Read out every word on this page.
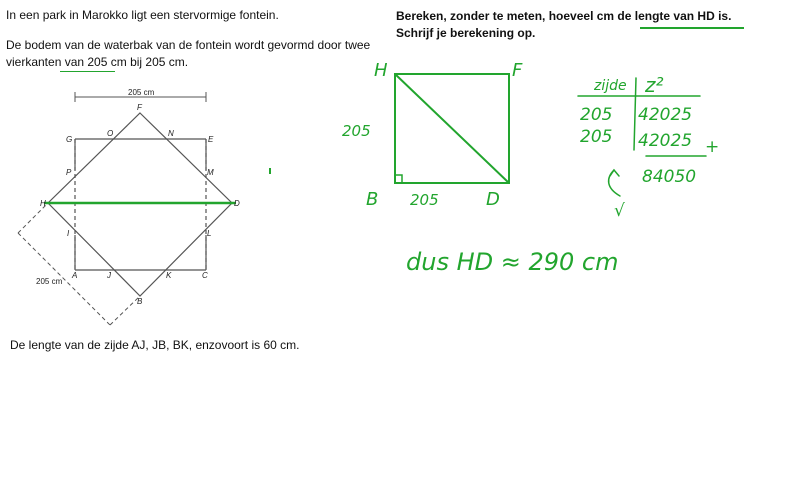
In een park in Marokko ligt een stervormige fontein.
De bodem van de waterbak van de fontein wordt gevormd door twee
vierkanten van 205 cm bij 205 cm.
De lengte van de zijde AJ, JB, BK, enzovoort is 60 cm.
Bereken, zonder te meten, hoeveel cm de lengte van HD is.
Schrijf je berekening op.
205 cm
205 cm
F
G
O	N
E
P	M
H	D
I	L
A	J	K	C
B
H	F
B	D
205
205
zijde z²
205 42025
205 42025 +
84050
√
dus HD ≈ 290 cm
